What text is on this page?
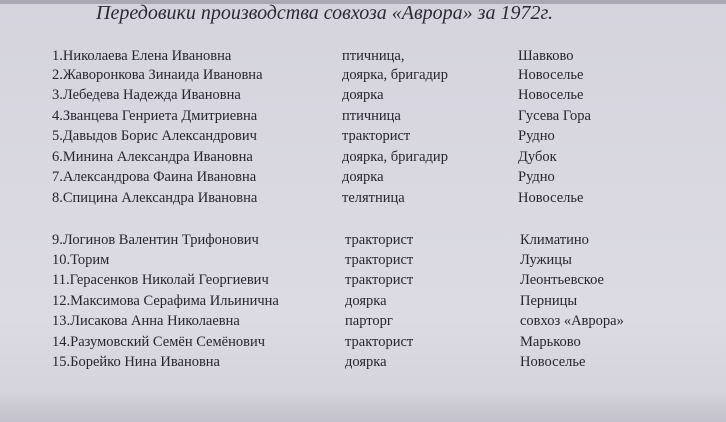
Передовики производства совхоза «Аврора» за 1972г.
1.Николаева Елена Ивановна	птичница,	Шавково
2.Жаворонкова Зинаида Ивановна	доярка, бригадир	Новоселье
3.Лебедева Надежда Ивановна	доярка	Новоселье
4.Званцева Генриета Дмитриевна	птичница	Гусева Гора
5.Давыдов Борис Александрович	тракторист	Рудно
6.Минина Александра Ивановна	доярка, бригадир	Дубок
7.Александрова Фаина Ивановна	доярка	Рудно
8.Спицина Александра Ивановна	телятница	Новоселье
9.Логинов Валентин Трифонович	тракторист	Климатино
10.Торим	тракторист	Лужицы
11.Герасенков Николай Георгиевич	тракторист	Леонтьевское
12.Максимова Серафима Ильинична	доярка	Перницы
13.Лисакова Анна Николаевна	парторг	совхоз «Аврора»
14.Разумовский Семён Семёнович	тракторист	Марьково
15.Борейко Нина Ивановна	доярка	Новоселье
